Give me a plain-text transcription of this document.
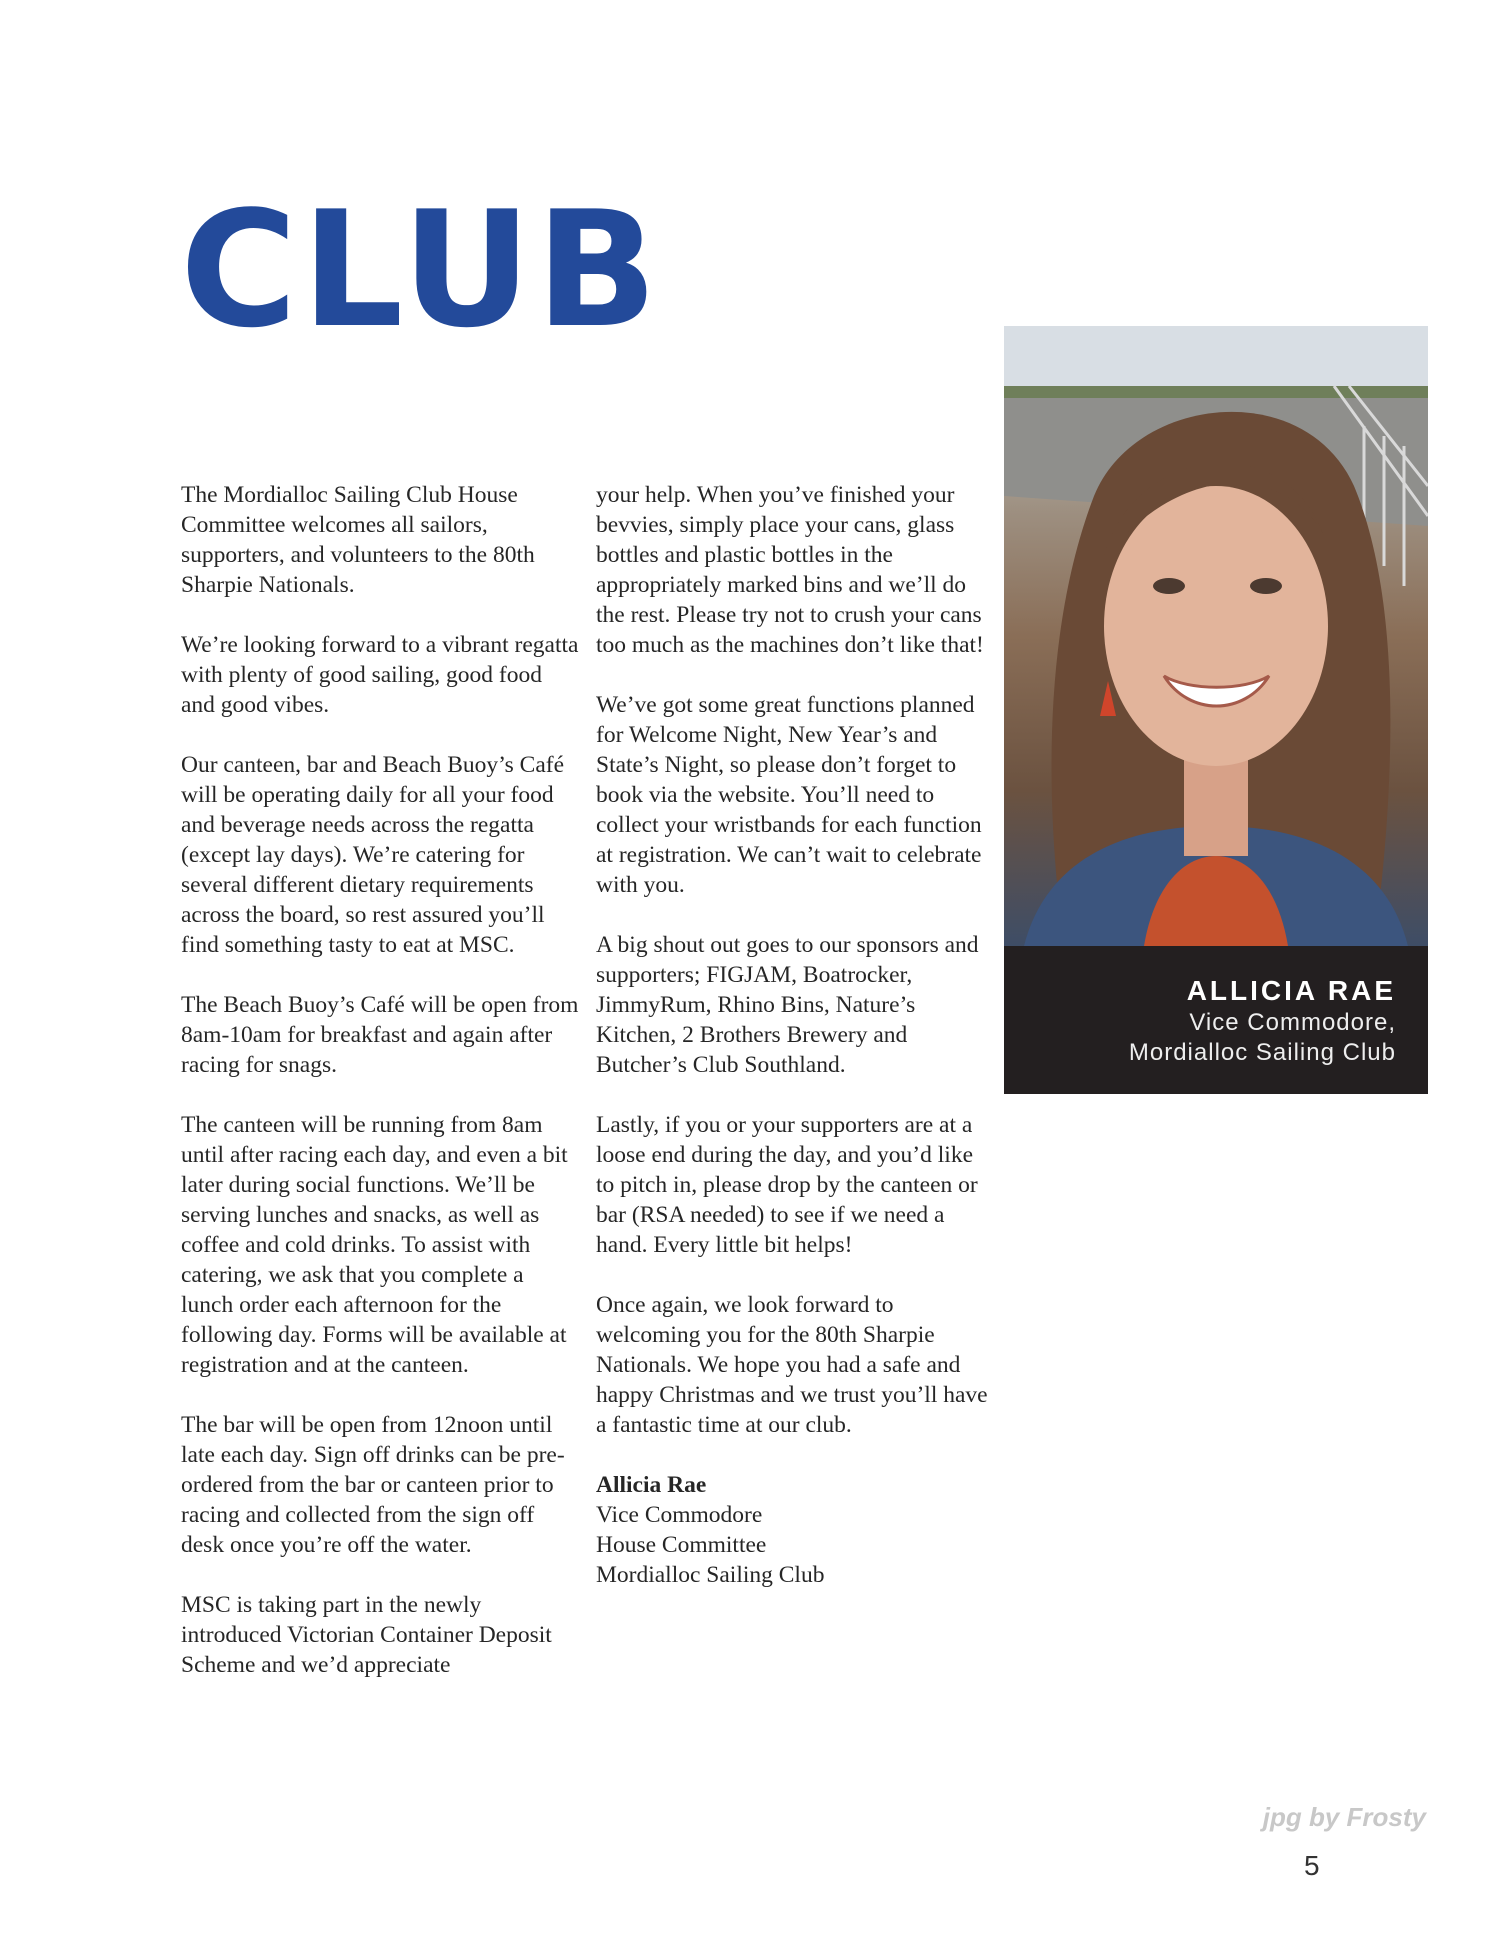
CLUB

The Mordialloc Sailing Club House Committee welcomes all sailors, supporters, and volunteers to the 80th Sharpie Nationals.

We’re looking forward to a vibrant regatta with plenty of good sailing, good food and good vibes.

Our canteen, bar and Beach Buoy’s Café will be operating daily for all your food and beverage needs across the regatta (except lay days). We’re catering for several different dietary requirements across the board, so rest assured you’ll find something tasty to eat at MSC.

The Beach Buoy’s Café will be open from 8am-10am for breakfast and again after racing for snags.

The canteen will be running from 8am until after racing each day, and even a bit later during social functions. We’ll be serving lunches and snacks, as well as coffee and cold drinks. To assist with catering, we ask that you complete a lunch order each afternoon for the following day. Forms will be available at registration and at the canteen.

The bar will be open from 12noon until late each day. Sign off drinks can be pre-ordered from the bar or canteen prior to racing and collected from the sign off desk once you’re off the water.

MSC is taking part in the newly introduced Victorian Container Deposit Scheme and we’d appreciate

your help. When you’ve finished your bevvies, simply place your cans, glass bottles and plastic bottles in the appropriately marked bins and we’ll do the rest. Please try not to crush your cans too much as the machines don’t like that!

We’ve got some great functions planned for Welcome Night, New Year’s and State’s Night, so please don’t forget to book via the website. You’ll need to collect your wristbands for each function at registration. We can’t wait to celebrate with you.

A big shout out goes to our sponsors and supporters; FIGJAM, Boatrocker, JimmyRum, Rhino Bins, Nature’s Kitchen, 2 Brothers Brewery and Butcher’s Club Southland.

Lastly, if you or your supporters are at a loose end during the day, and you’d like to pitch in, please drop by the canteen or bar (RSA needed) to see if we need a hand. Every little bit helps!

Once again, we look forward to welcoming you for the 80th Sharpie Nationals. We hope you had a safe and happy Christmas and we trust you’ll have a fantastic time at our club.

Allicia Rae
Vice Commodore
House Committee
Mordialloc Sailing Club
ALLICIA RAE
Vice Commodore,
Mordialloc Sailing Club
jpg by Frosty
5
